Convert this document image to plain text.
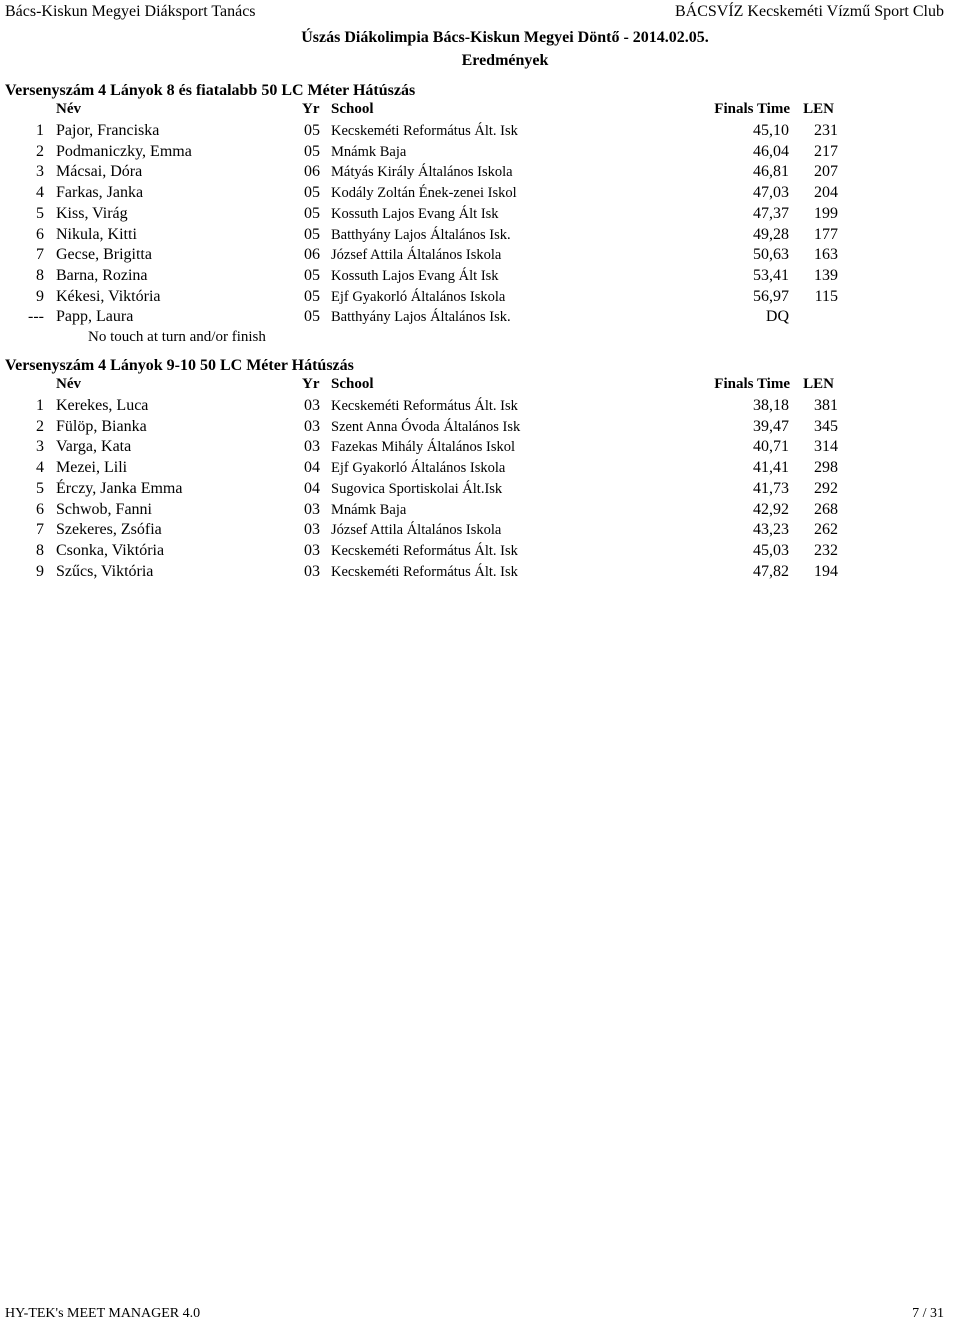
Bács-Kiskun Megyei Diáksport Tanács	BÁCSVÍZ Kecskeméti Vízmű Sport Club
Úszás Diákolimpia Bács-Kiskun Megyei Döntő - 2014.02.05.
Eredmények
Versenyszám 4 Lányok 8 és fiatalabb 50 LC Méter Hátúszás
Név	Yr School	Finals Time LEN
1 Pajor, Franciska	05 Kecskeméti Református Ált. Isk	45,10 231
2 Podmaniczky, Emma	05 Mnámk Baja	46,04 217
3 Mácsai, Dóra	06 Mátyás Király Általános Iskola	46,81 207
4 Farkas, Janka	05 Kodály Zoltán Ének-zenei Iskol	47,03 204
5 Kiss, Virág	05 Kossuth Lajos Evang Ált Isk	47,37 199
6 Nikula, Kitti	05 Batthyány Lajos Általános Isk.	49,28 177
7 Gecse, Brigitta	06 József Attila Általános Iskola	50,63 163
8 Barna, Rozina	05 Kossuth Lajos Evang Ált Isk	53,41 139
9 Kékesi, Viktória	05 Ejf Gyakorló Általános Iskola	56,97 115
--- Papp, Laura	05 Batthyány Lajos Általános Isk.	DQ
No touch at turn and/or finish
Versenyszám 4 Lányok 9-10 50 LC Méter Hátúszás
Név	Yr School	Finals Time LEN
1 Kerekes, Luca	03 Kecskeméti Református Ált. Isk	38,18 381
2 Fülöp, Bianka	03 Szent Anna Óvoda Általános Isk	39,47 345
3 Varga, Kata	03 Fazekas Mihály Általános Iskol	40,71 314
4 Mezei, Lili	04 Ejf Gyakorló Általános Iskola	41,41 298
5 Érczy, Janka Emma	04 Sugovica Sportiskolai Ált.Isk	41,73 292
6 Schwob, Fanni	03 Mnámk Baja	42,92 268
7 Szekeres, Zsófia	03 József Attila Általános Iskola	43,23 262
8 Csonka, Viktória	03 Kecskeméti Református Ált. Isk	45,03 232
9 Szűcs, Viktória	03 Kecskeméti Református Ált. Isk	47,82 194
HY-TEK's MEET MANAGER 4.0	7 / 31
